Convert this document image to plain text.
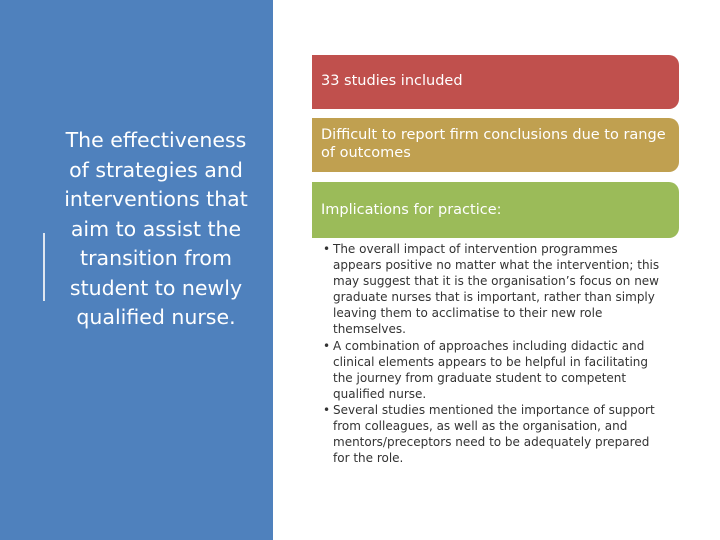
The effectiveness of strategies and interventions that aim to assist the transition from student to newly qualified nurse.
33 studies included
Difficult to report firm conclusions due to range of outcomes
Implications for practice:
• The overall impact of intervention programmes appears positive no matter what the intervention; this may suggest that it is the organisation’s focus on new graduate nurses that is important, rather than simply leaving them to acclimatise to their new role themselves.
• A combination of approaches including didactic and clinical elements appears to be helpful in facilitating the journey from graduate student to competent qualified nurse.
• Several studies mentioned the importance of support from colleagues, as well as the organisation, and mentors/preceptors need to be adequately prepared for the role.
